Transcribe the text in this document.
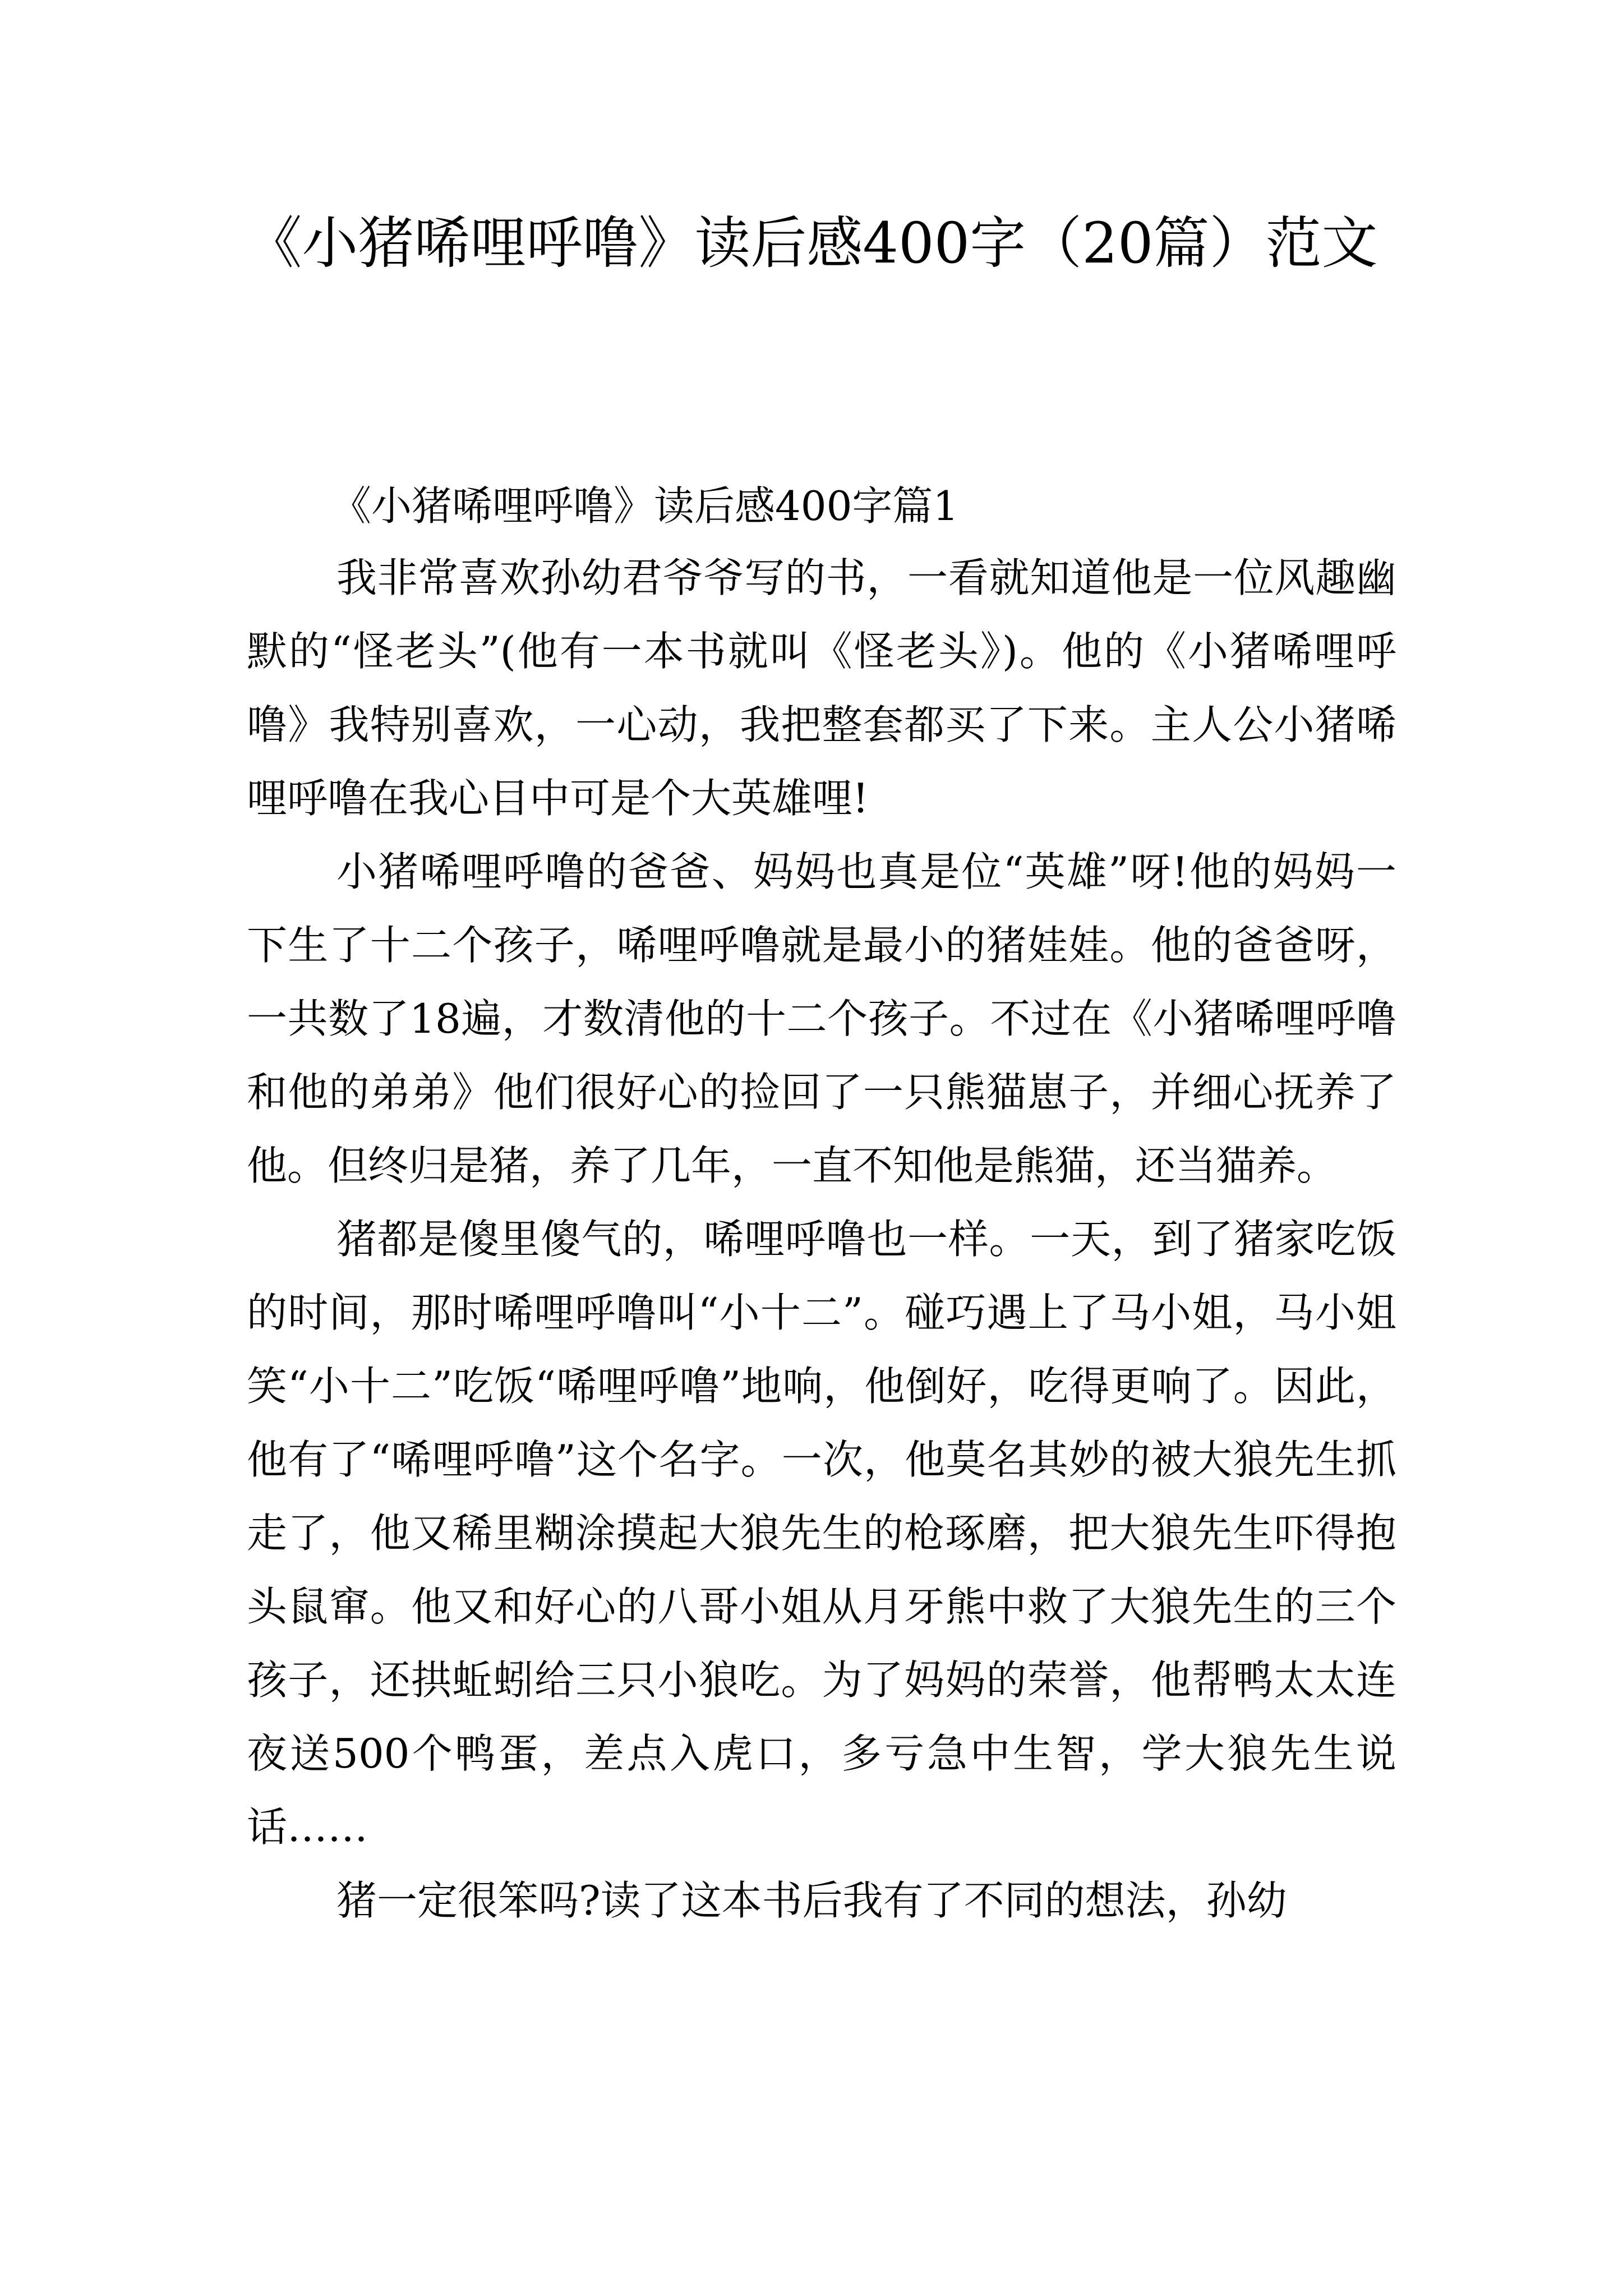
《小猪唏哩呼噜》读后感400字（20篇）范文

《小猪唏哩呼噜》读后感400字篇1

我非常喜欢孙幼君爷爷写的书，一看就知道他是一位风趣幽默的“怪老头”(他有一本书就叫《怪老头》)。他的《小猪唏哩呼噜》我特别喜欢，一心动，我把整套都买了下来。主人公小猪唏哩呼噜在我心目中可是个大英雄哩!

小猪唏哩呼噜的爸爸、妈妈也真是位“英雄”呀!他的妈妈一下生了十二个孩子，唏哩呼噜就是最小的猪娃娃。他的爸爸呀，一共数了18遍，才数清他的十二个孩子。不过在《小猪唏哩呼噜和他的弟弟》他们很好心的捡回了一只熊猫崽子，并细心抚养了他。但终归是猪，养了几年，一直不知他是熊猫，还当猫养。

猪都是傻里傻气的，唏哩呼噜也一样。一天，到了猪家吃饭的时间，那时唏哩呼噜叫“小十二”。碰巧遇上了马小姐，马小姐笑“小十二”吃饭“唏哩呼噜”地响，他倒好，吃得更响了。因此，他有了“唏哩呼噜”这个名字。一次，他莫名其妙的被大狼先生抓走了，他又稀里糊涂摸起大狼先生的枪琢磨，把大狼先生吓得抱头鼠窜。他又和好心的八哥小姐从月牙熊中救了大狼先生的三个孩子，还拱蚯蚓给三只小狼吃。为了妈妈的荣誉，他帮鸭太太连夜送500个鸭蛋，差点入虎口，多亏急中生智，学大狼先生说话……

猪一定很笨吗?读了这本书后我有了不同的想法，孙幼
